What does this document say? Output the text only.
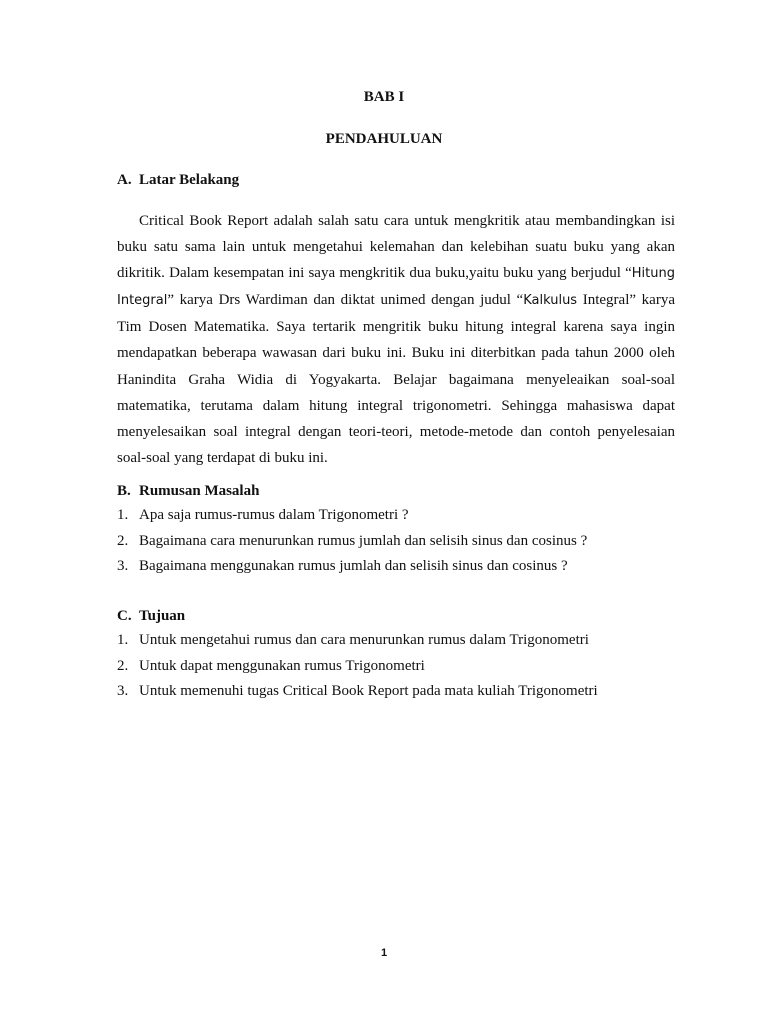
BAB I
PENDAHULUAN
A. Latar Belakang

Critical Book Report adalah salah satu cara untuk mengkritik atau membandingkan isi buku satu sama lain untuk mengetahui kelemahan dan kelebihan suatu buku yang akan dikritik. Dalam kesempatan ini saya mengkritik dua buku,yaitu buku yang berjudul “Hitung Integral” karya Drs Wardiman dan diktat unimed dengan judul “Kalkulus Integral” karya Tim Dosen Matematika. Saya tertarik mengritik buku hitung integral karena saya ingin mendapatkan beberapa wawasan dari buku ini. Buku ini diterbitkan pada tahun 2000 oleh Hanindita Graha Widia di Yogyakarta. Belajar bagaimana menyeleaikan soal-soal matematika, terutama dalam hitung integral trigonometri. Sehingga mahasiswa dapat menyelesaikan soal integral dengan teori-teori, metode-metode dan contoh penyelesaian soal-soal yang terdapat di buku ini.

B. Rumusan Masalah
1. Apa saja rumus-rumus dalam Trigonometri ?
2. Bagaimana cara menurunkan rumus jumlah dan selisih sinus dan cosinus ?
3. Bagaimana menggunakan rumus jumlah dan selisih sinus dan cosinus ?
C. Tujuan
1. Untuk mengetahui rumus dan cara menurunkan rumus dalam Trigonometri
2. Untuk dapat menggunakan rumus Trigonometri
3. Untuk memenuhi tugas Critical Book Report pada mata kuliah Trigonometri
1
